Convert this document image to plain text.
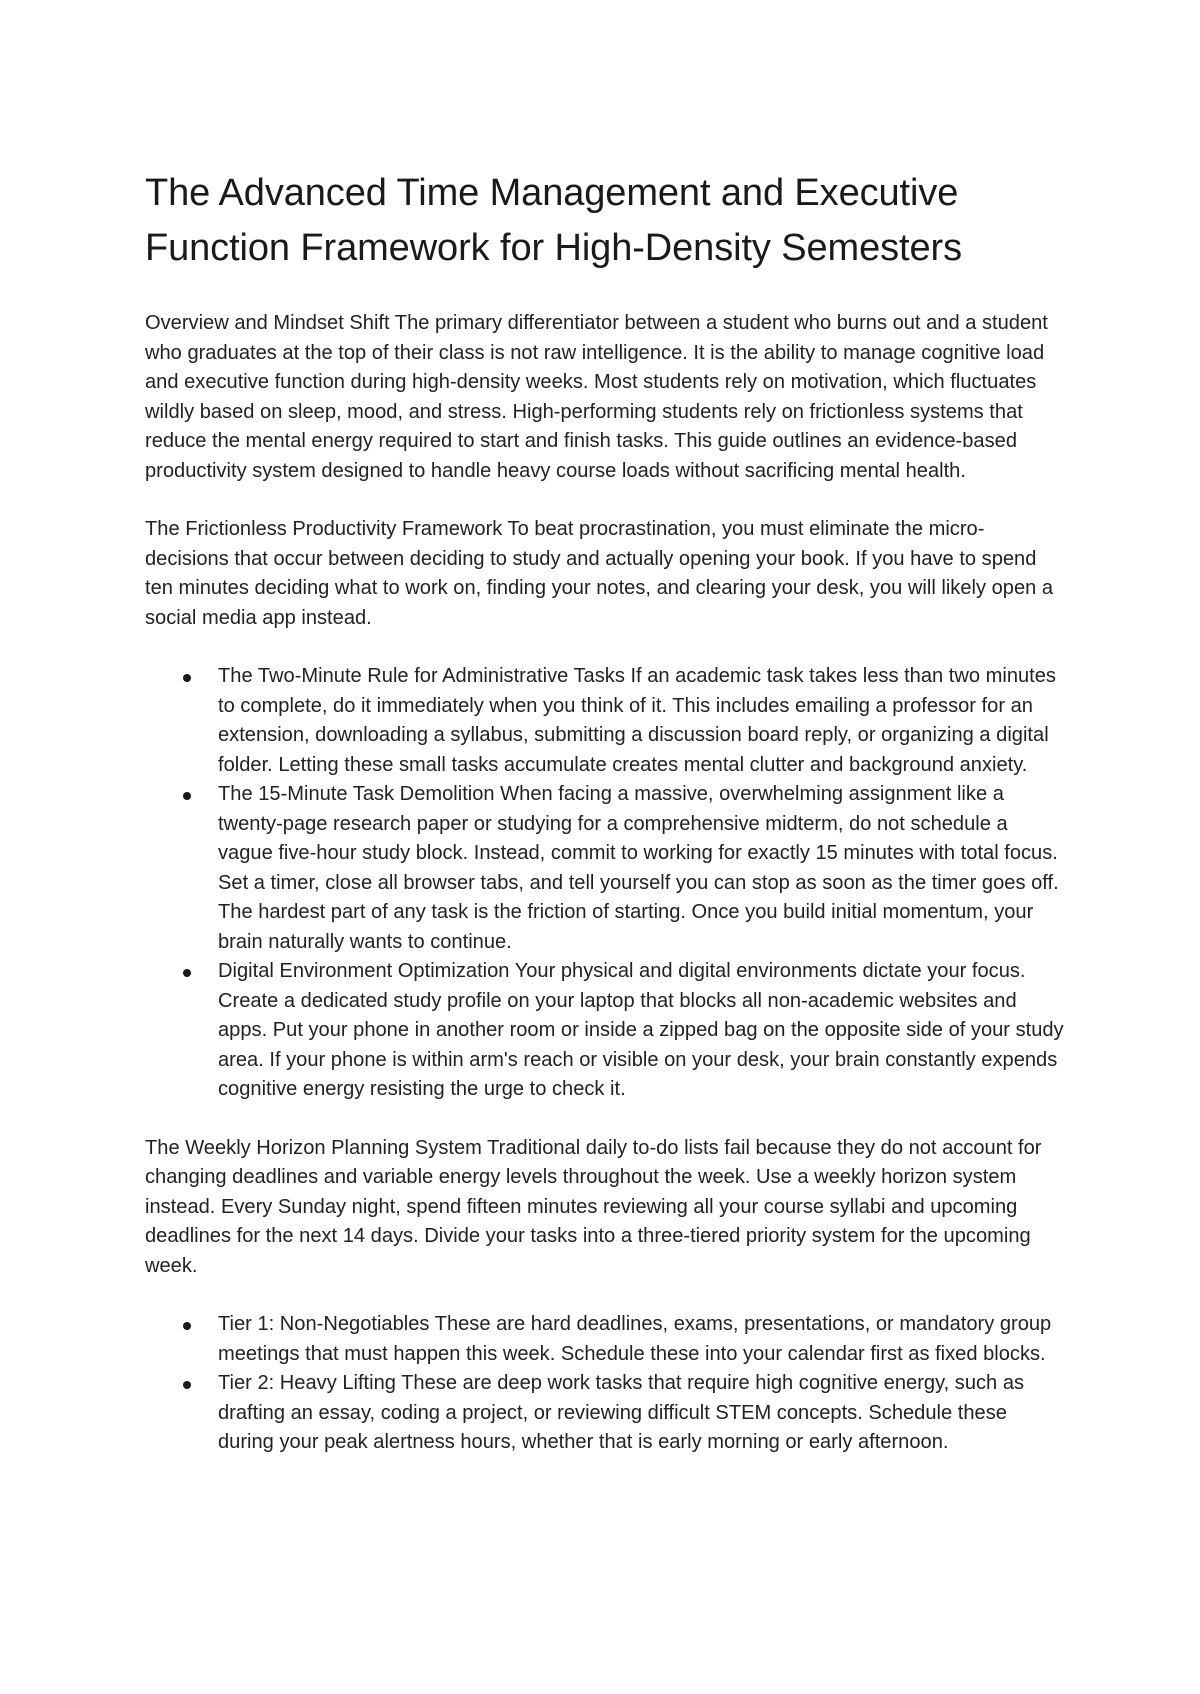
The Advanced Time Management and Executive Function Framework for High-Density Semesters

Overview and Mindset Shift The primary differentiator between a student who burns out and a student who graduates at the top of their class is not raw intelligence. It is the ability to manage cognitive load and executive function during high-density weeks. Most students rely on motivation, which fluctuates wildly based on sleep, mood, and stress. High-performing students rely on frictionless systems that reduce the mental energy required to start and finish tasks. This guide outlines an evidence-based productivity system designed to handle heavy course loads without sacrificing mental health.

The Frictionless Productivity Framework To beat procrastination, you must eliminate the micro-decisions that occur between deciding to study and actually opening your book. If you have to spend ten minutes deciding what to work on, finding your notes, and clearing your desk, you will likely open a social media app instead.

The Two-Minute Rule for Administrative Tasks If an academic task takes less than two minutes to complete, do it immediately when you think of it. This includes emailing a professor for an extension, downloading a syllabus, submitting a discussion board reply, or organizing a digital folder. Letting these small tasks accumulate creates mental clutter and background anxiety.
The 15-Minute Task Demolition When facing a massive, overwhelming assignment like a twenty-page research paper or studying for a comprehensive midterm, do not schedule a vague five-hour study block. Instead, commit to working for exactly 15 minutes with total focus. Set a timer, close all browser tabs, and tell yourself you can stop as soon as the timer goes off. The hardest part of any task is the friction of starting. Once you build initial momentum, your brain naturally wants to continue.
Digital Environment Optimization Your physical and digital environments dictate your focus. Create a dedicated study profile on your laptop that blocks all non-academic websites and apps. Put your phone in another room or inside a zipped bag on the opposite side of your study area. If your phone is within arm's reach or visible on your desk, your brain constantly expends cognitive energy resisting the urge to check it.

The Weekly Horizon Planning System Traditional daily to-do lists fail because they do not account for changing deadlines and variable energy levels throughout the week. Use a weekly horizon system instead. Every Sunday night, spend fifteen minutes reviewing all your course syllabi and upcoming deadlines for the next 14 days. Divide your tasks into a three-tiered priority system for the upcoming week.

Tier 1: Non-Negotiables These are hard deadlines, exams, presentations, or mandatory group meetings that must happen this week. Schedule these into your calendar first as fixed blocks.
Tier 2: Heavy Lifting These are deep work tasks that require high cognitive energy, such as drafting an essay, coding a project, or reviewing difficult STEM concepts. Schedule these during your peak alertness hours, whether that is early morning or early afternoon.
